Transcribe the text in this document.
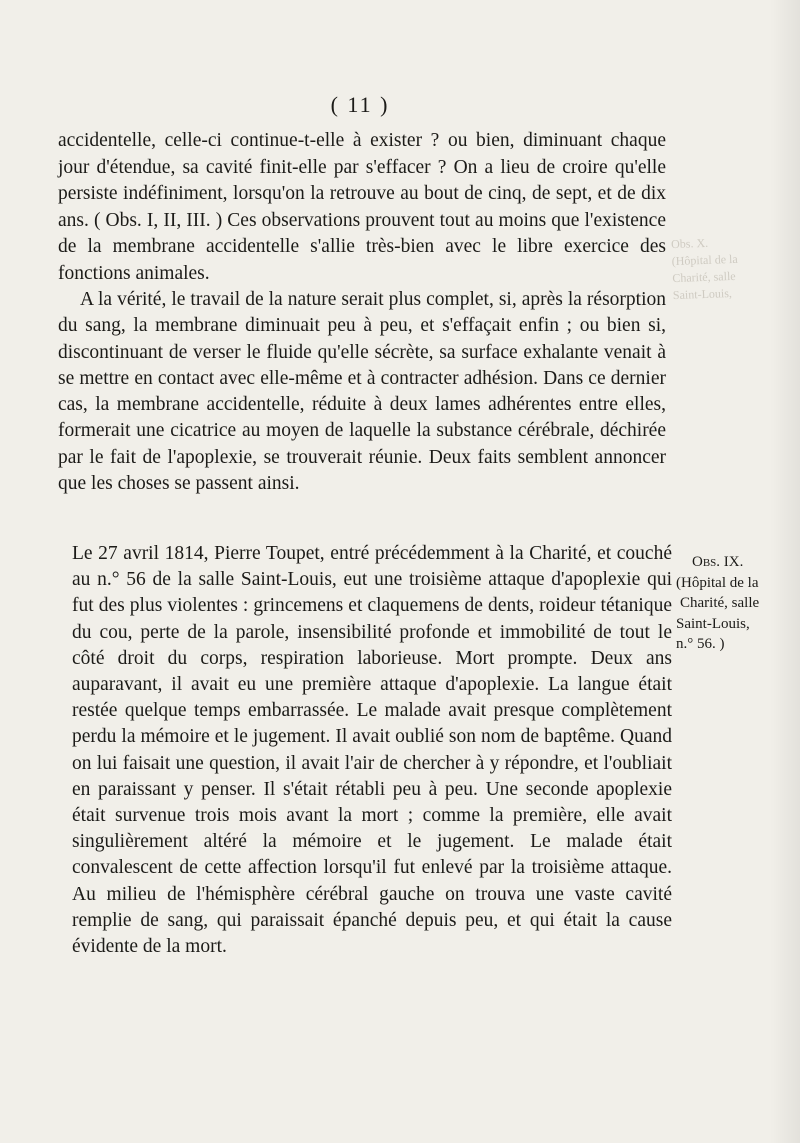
( 11 )

accidentelle, celle-ci continue-t-elle à exister ? ou bien, diminuant chaque jour d'étendue, sa cavité finit-elle par s'effacer ? On a lieu de croire qu'elle persiste indéfiniment, lorsqu'on la retrouve au bout de cinq, de sept, et de dix ans. ( Obs. I, II, III. ) Ces observations prouvent tout au moins que l'existence de la membrane accidentelle s'allie très-bien avec le libre exercice des fonctions animales.

A la vérité, le travail de la nature serait plus complet, si, après la résorption du sang, la membrane diminuait peu à peu, et s'effaçait enfin ; ou bien si, discontinuant de verser le fluide qu'elle sécrète, sa surface exhalante venait à se mettre en contact avec elle-même et à contracter adhésion. Dans ce dernier cas, la membrane accidentelle, réduite à deux lames adhérentes entre elles, formerait une cicatrice au moyen de laquelle la substance cérébrale, déchirée par le fait de l'apoplexie, se trouverait réunie. Deux faits semblent annoncer que les choses se passent ainsi.

Le 27 avril 1814, Pierre Toupet, entré précédemment à la Charité, et couché au n.° 56 de la salle Saint-Louis, eut une troisième attaque d'apoplexie qui fut des plus violentes : grincemens et claquemens de dents, roideur tétanique du cou, perte de la parole, insensibilité profonde et immobilité de tout le côté droit du corps, respiration laborieuse. Mort prompte. Deux ans auparavant, il avait eu une première attaque d'apoplexie. La langue était restée quelque temps embarrassée. Le malade avait presque complètement perdu la mémoire et le jugement. Il avait oublié son nom de baptême. Quand on lui faisait une question, il avait l'air de chercher à y répondre, et l'oubliait en paraissant y penser. Il s'était rétabli peu à peu. Une seconde apoplexie était survenue trois mois avant la mort ; comme la première, elle avait singulièrement altéré la mémoire et le jugement. Le malade était convalescent de cette affection lorsqu'il fut enlevé par la troisième attaque. Au milieu de l'hémisphère cérébral gauche on trouva une vaste cavité remplie de sang, qui paraissait épanché depuis peu, et qui était la cause évidente de la mort.

Obs. IX.
(Hôpital de la
Charité, salle
Saint-Louis,
n.° 56. )
Obs. X.
(Hôpital de la
Charité, salle
Saint-Louis,
